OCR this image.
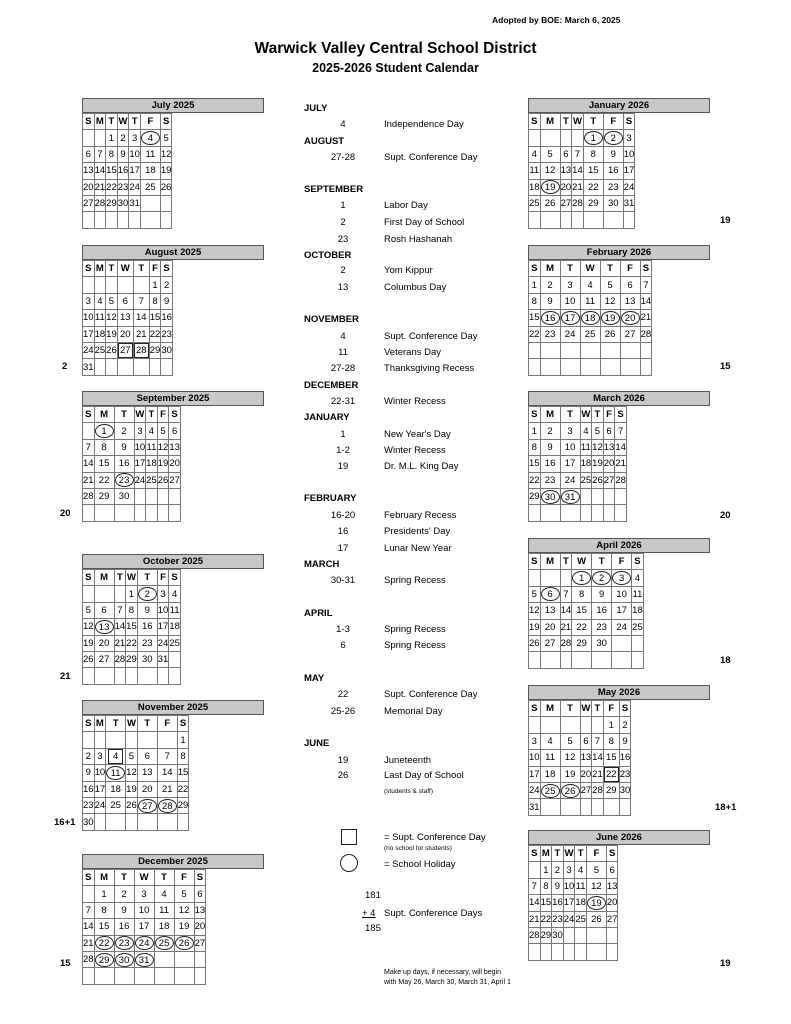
Adopted by BOE: March 6, 2025
Warwick Valley Central School District
2025-2026 Student Calendar
July 2025
S	M	T	W	T	F	S
		1	2	3	4	5
6	7	8	9	10	11	12
13	14	15	16	17	18	19
20	21	22	23	24	25	26
27	28	29	30	31		

August 2025
S	M	T	W	T	F	S
					1	2
3	4	5	6	7	8	9
10	11	12	13	14	15	16
17	18	19	20	21	22	23
24	25	26	27	28	29	30
31						
2
September 2025
S	M	T	W	T	F	S
	1	2	3	4	5	6
7	8	9	10	11	12	13
14	15	16	17	18	19	20
21	22	23	24	25	26	27
28	29	30				

20
October 2025
S	M	T	W	T	F	S
			1	2	3	4
5	6	7	8	9	10	11
12	13	14	15	16	17	18
19	20	21	22	23	24	25
26	27	28	29	30	31	

21
November 2025
S	M	T	W	T	F	S
						1
2	3	4	5	6	7	8
9	10	11	12	13	14	15
16	17	18	19	20	21	22
23	24	25	26	27	28	29
30						
16+1
December 2025
S	M	T	W	T	F	S
	1	2	3	4	5	6
7	8	9	10	11	12	13
14	15	16	17	18	19	20
21	22	23	24	25	26	27
28	29	30	31			

15
January 2026
S	M	T	W	T	F	S
				1	2	3
4	5	6	7	8	9	10
11	12	13	14	15	16	17
18	19	20	21	22	23	24
25	26	27	28	29	30	31

19
February 2026
S	M	T	W	T	F	S
1	2	3	4	5	6	7
8	9	10	11	12	13	14
15	16	17	18	19	20	21
22	23	24	25	26	27	28

15
March 2026
S	M	T	W	T	F	S
1	2	3	4	5	6	7
8	9	10	11	12	13	14
15	16	17	18	19	20	21
22	23	24	25	26	27	28
29	30	31				

20
April 2026
S	M	T	W	T	F	S
			1	2	3	4
5	6	7	8	9	10	11
12	13	14	15	16	17	18
19	20	21	22	23	24	25
26	27	28	29	30		

18
May 2026
S	M	T	W	T	F	S
					1	2
3	4	5	6	7	8	9
10	11	12	13	14	15	16
17	18	19	20	21	22	23
24	25	26	27	28	29	30
31							18+1
June 2026
S	M	T	W	T	F	S
	1	2	3	4	5	6
7	8	9	10	11	12	13
14	15	16	17	18	19	20
21	22	23	24	25	26	27
28	29	30				

19
JULY
4	Independence Day
AUGUST
27-28	Supt. Conference Day
SEPTEMBER
1	Labor Day
2	First Day of School
23	Rosh Hashanah
OCTOBER
2	Yom Kippur
13	Columbus Day
NOVEMBER
4	Supt. Conference Day
11	Veterans Day
27-28	Thanksgiving Recess
DECEMBER
22-31	Winter Recess
JANUARY
1	New Year's Day
1-2	Winter Recess
19	Dr. M.L. King Day
FEBRUARY
16-20	February Recess
16	Presidents' Day
17	Lunar New Year
MARCH
30-31	Spring Recess
APRIL
1-3	Spring Recess
6	Spring Recess
MAY
22	Supt. Conference Day
25-26	Memorial Day
JUNE
19	Juneteenth
26	Last Day of School
(students & staff)
= Supt. Conference Day
(no school for students)
= School Holiday
181
+ 4 Supt. Conference Days
185
Make up days, if necessary, will begin
with May 26, March 30, March 31, April 1
